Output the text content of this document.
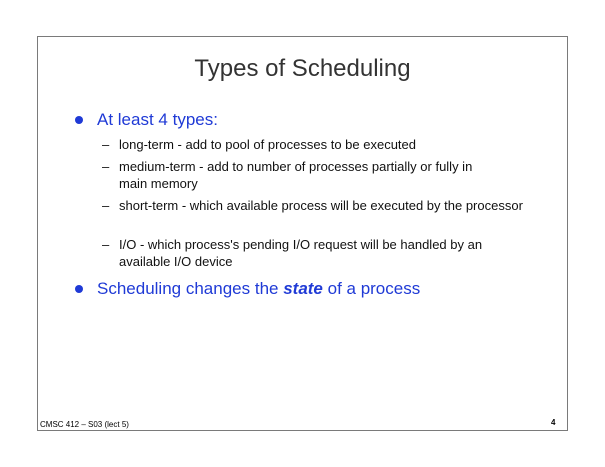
Types of Scheduling
At least 4 types:
– long-term - add to pool of processes to be executed
– medium-term - add to number of processes partially or fully in main memory
– short-term - which available process will be executed by the processor
– I/O - which process's pending I/O request will be handled by an available I/O device
Scheduling changes the state of a process
CMSC 412 – S03 (lect 5)	4
